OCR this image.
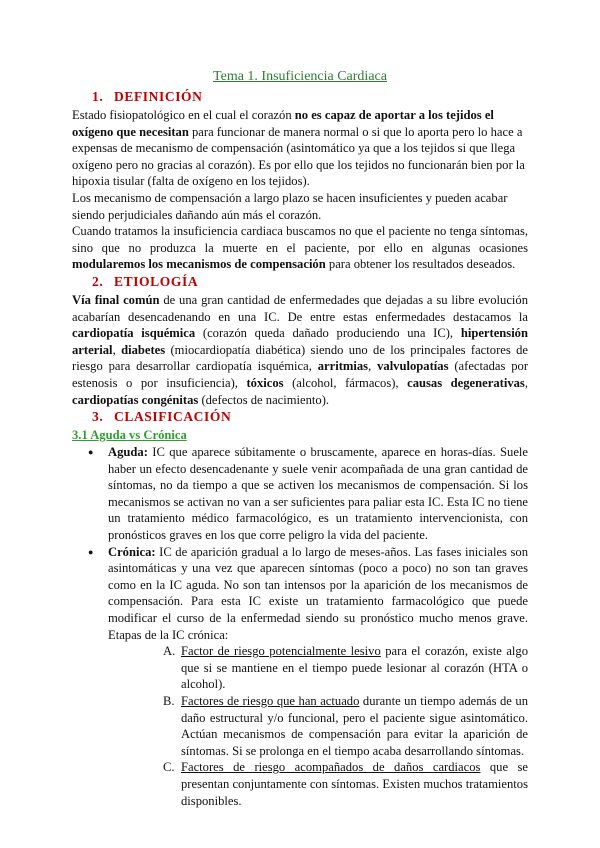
Tema 1. Insuficiencia Cardiaca
1. DEFINICIÓN

Estado fisiopatológico en el cual el corazón no es capaz de aportar a los tejidos el oxígeno que necesitan para funcionar de manera normal o si que lo aporta pero lo hace a expensas de mecanismo de compensación (asintomático ya que a los tejidos si que llega oxígeno pero no gracias al corazón). Es por ello que los tejidos no funcionarán bien por la hipoxia tisular (falta de oxígeno en los tejidos).

Los mecanismo de compensación a largo plazo se hacen insuficientes y pueden acabar siendo perjudiciales dañando aún más el corazón.

Cuando tratamos la insuficiencia cardiaca buscamos no que el paciente no tenga síntomas, sino que no produzca la muerte en el paciente, por ello en algunas ocasiones modularemos los mecanismos de compensación para obtener los resultados deseados.

2. ETIOLOGÍA

Vía final común de una gran cantidad de enfermedades que dejadas a su libre evolución acabarían desencadenando en una IC. De entre estas enfermedades destacamos la cardiopatía isquémica (corazón queda dañado produciendo una IC), hipertensión arterial, diabetes (miocardiopatía diabética) siendo uno de los principales factores de riesgo para desarrollar cardiopatía isquémica, arritmias, valvulopatías (afectadas por estenosis o por insuficiencia), tóxicos (alcohol, fármacos), causas degenerativas, cardiopatías congénitas (defectos de nacimiento).

3. CLASIFICACIÓN
3.1 Aguda vs Crónica
● Aguda: IC que aparece súbitamente o bruscamente, aparece en horas-días. Suele haber un efecto desencadenante y suele venir acompañada de una gran cantidad de síntomas, no da tiempo a que se activen los mecanismos de compensación. Si los mecanismos se activan no van a ser suficientes para paliar esta IC. Esta IC no tiene un tratamiento médico farmacológico, es un tratamiento intervencionista, con pronósticos graves en los que corre peligro la vida del paciente.
● Crónica: IC de aparición gradual a lo largo de meses-años. Las fases iniciales son asintomáticas y una vez que aparecen síntomas (poco a poco) no son tan graves como en la IC aguda. No son tan intensos por la aparición de los mecanismos de compensación. Para esta IC existe un tratamiento farmacológico que puede modificar el curso de la enfermedad siendo su pronóstico mucho menos grave. Etapas de la IC crónica:
A. Factor de riesgo potencialmente lesivo para el corazón, existe algo que si se mantiene en el tiempo puede lesionar al corazón (HTA o alcohol).
B. Factores de riesgo que han actuado durante un tiempo además de un daño estructural y/o funcional, pero el paciente sigue asintomático. Actúan mecanismos de compensación para evitar la aparición de síntomas. Si se prolonga en el tiempo acaba desarrollando síntomas.
C. Factores de riesgo acompañados de daños cardiacos que se presentan conjuntamente con síntomas. Existen muchos tratamientos disponibles.
